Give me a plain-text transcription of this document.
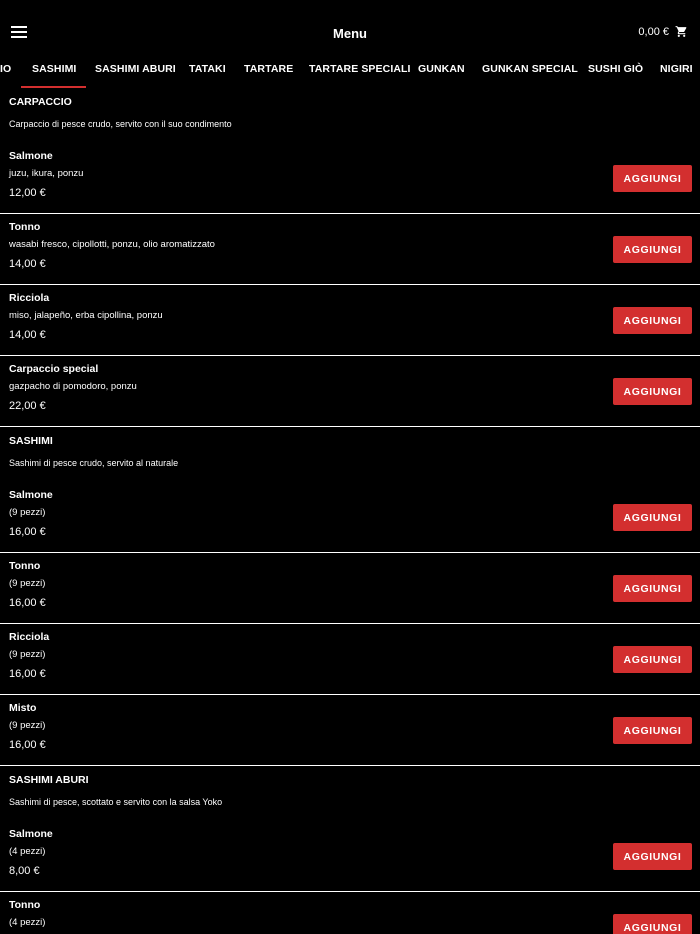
Menu	0,00 €
IO SASHIMI SASHIMI ABURI TATAKI TARTARE TARTARE SPECIALI GUNKAN GUNKAN SPECIAL SUSHI GIÒ NIGIRI
CARPACCIO
Carpaccio di pesce crudo, servito con il suo condimento
Salmone
juzu, ikura, ponzu
12,00 €
AGGIUNGI
Tonno
wasabi fresco, cipollotti, ponzu, olio aromatizzato
14,00 €
AGGIUNGI
Ricciola
miso, jalapeño, erba cipollina, ponzu
14,00 €
AGGIUNGI
Carpaccio special
gazpacho di pomodoro, ponzu
22,00 €
AGGIUNGI
SASHIMI
Sashimi di pesce crudo, servito al naturale
Salmone
(9 pezzi)
16,00 €
AGGIUNGI
Tonno
(9 pezzi)
16,00 €
AGGIUNGI
Ricciola
(9 pezzi)
16,00 €
AGGIUNGI
Misto
(9 pezzi)
16,00 €
AGGIUNGI
SASHIMI ABURI
Sashimi di pesce, scottato e servito con la salsa Yoko
Salmone
(4 pezzi)
8,00 €
AGGIUNGI
Tonno
(4 pezzi)	AGGIUNGI
